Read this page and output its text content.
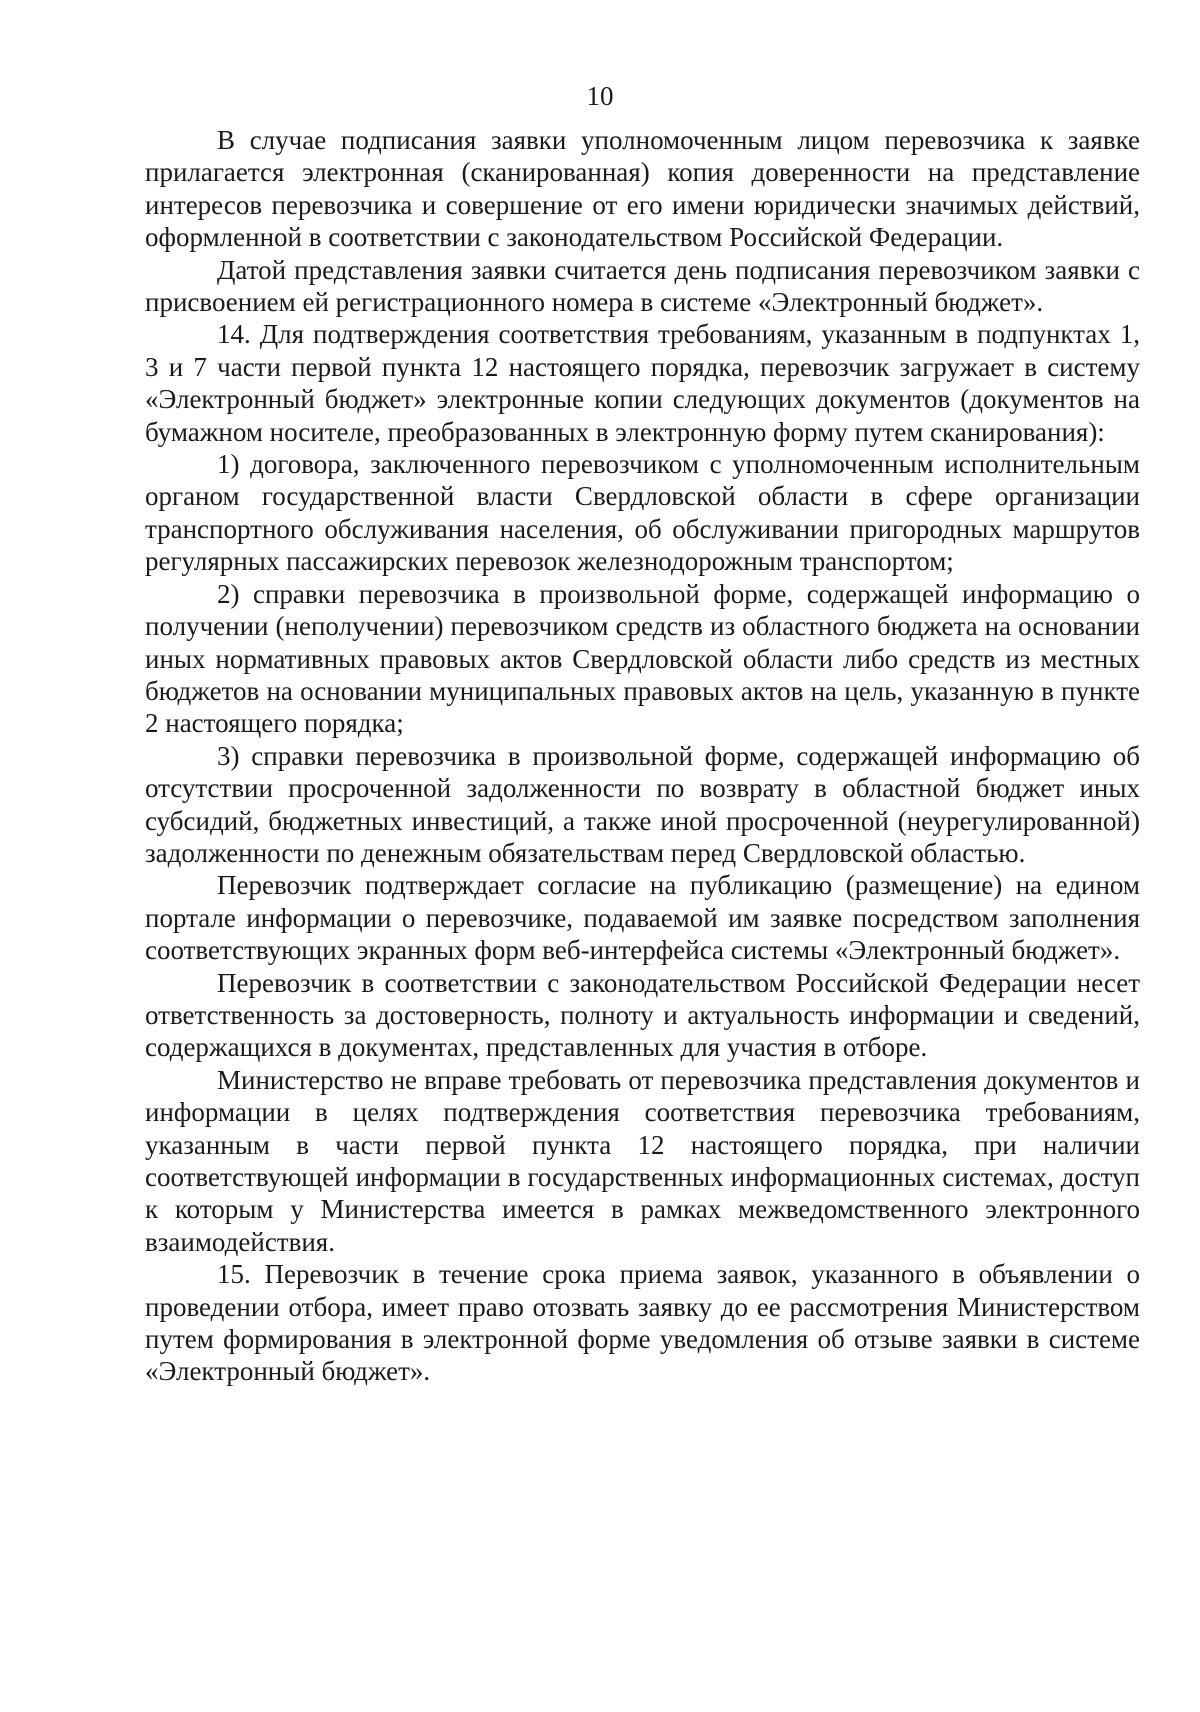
10

В случае подписания заявки уполномоченным лицом перевозчика к заявке прилагается электронная (сканированная) копия доверенности на представление интересов перевозчика и совершение от его имени юридически значимых действий, оформленной в соответствии с законодательством Российской Федерации.

Датой представления заявки считается день подписания перевозчиком заявки с присвоением ей регистрационного номера в системе «Электронный бюджет».

14. Для подтверждения соответствия требованиям, указанным в подпунктах 1, 3 и 7 части первой пункта 12 настоящего порядка, перевозчик загружает в систему «Электронный бюджет» электронные копии следующих документов (документов на бумажном носителе, преобразованных в электронную форму путем сканирования):

1) договора, заключенного перевозчиком с уполномоченным исполнительным органом государственной власти Свердловской области в сфере организации транспортного обслуживания населения, об обслуживании пригородных маршрутов регулярных пассажирских перевозок железнодорожным транспортом;

2) справки перевозчика в произвольной форме, содержащей информацию о получении (неполучении) перевозчиком средств из областного бюджета на основании иных нормативных правовых актов Свердловской области либо средств из местных бюджетов на основании муниципальных правовых актов на цель, указанную в пункте 2 настоящего порядка;

3) справки перевозчика в произвольной форме, содержащей информацию об отсутствии просроченной задолженности по возврату в областной бюджет иных субсидий, бюджетных инвестиций, а также иной просроченной (неурегулированной) задолженности по денежным обязательствам перед Свердловской областью.

Перевозчик подтверждает согласие на публикацию (размещение) на едином портале информации о перевозчике, подаваемой им заявке посредством заполнения соответствующих экранных форм веб-интерфейса системы «Электронный бюджет».

Перевозчик в соответствии с законодательством Российской Федерации несет ответственность за достоверность, полноту и актуальность информации и сведений, содержащихся в документах, представленных для участия в отборе.

Министерство не вправе требовать от перевозчика представления документов и информации в целях подтверждения соответствия перевозчика требованиям, указанным в части первой пункта 12 настоящего порядка, при наличии соответствующей информации в государственных информационных системах, доступ к которым у Министерства имеется в рамках межведомственного электронного взаимодействия.

15. Перевозчик в течение срока приема заявок, указанного в объявлении о проведении отбора, имеет право отозвать заявку до ее рассмотрения Министерством путем формирования в электронной форме уведомления об отзыве заявки в системе «Электронный бюджет».
